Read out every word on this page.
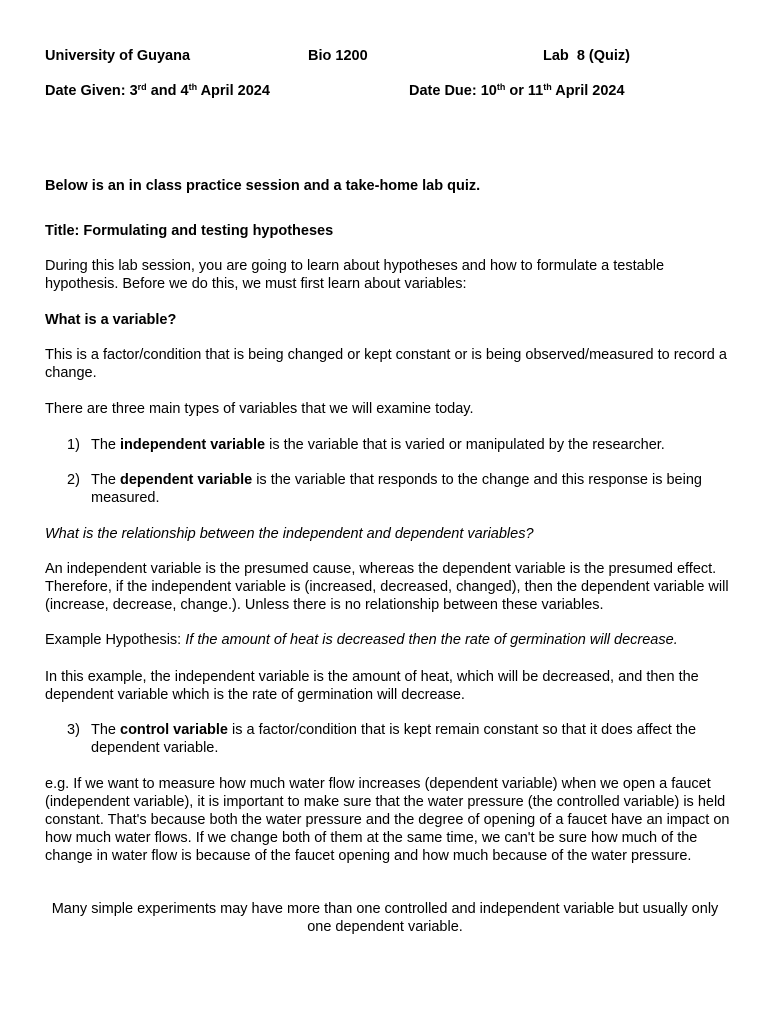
University of Guyana	Bio 1200	Lab  8 (Quiz)
Date Given: 3rd and 4th April 2024	Date Due: 10th or 11th April 2024

Below is an in class practice session and a take-home lab quiz.

Title: Formulating and testing hypotheses

During this lab session, you are going to learn about hypotheses and how to formulate a testable hypothesis. Before we do this, we must first learn about variables:

What is a variable?

This is a factor/condition that is being changed or kept constant or is being observed/measured to record a change.

There are three main types of variables that we will examine today.

1) The independent variable is the variable that is varied or manipulated by the researcher.
2) The dependent variable is the variable that responds to the change and this response is being measured.

What is the relationship between the independent and dependent variables?

An independent variable is the presumed cause, whereas the dependent variable is the presumed effect. Therefore, if the independent variable is (increased, decreased, changed), then the dependent variable will (increase, decrease, change.). Unless there is no relationship between these variables.

Example Hypothesis: If the amount of heat is decreased then the rate of germination will decrease.

In this example, the independent variable is the amount of heat, which will be decreased, and then the dependent variable which is the rate of germination will decrease.

3) The control variable is a factor/condition that is kept remain constant so that it does affect the dependent variable.

e.g. If we want to measure how much water flow increases (dependent variable) when we open a faucet (independent variable), it is important to make sure that the water pressure (the controlled variable) is held constant. That's because both the water pressure and the degree of opening of a faucet have an impact on how much water flows. If we change both of them at the same time, we can't be sure how much of the change in water flow is because of the faucet opening and how much because of the water pressure.

Many simple experiments may have more than one controlled and independent variable but usually only one dependent variable.
